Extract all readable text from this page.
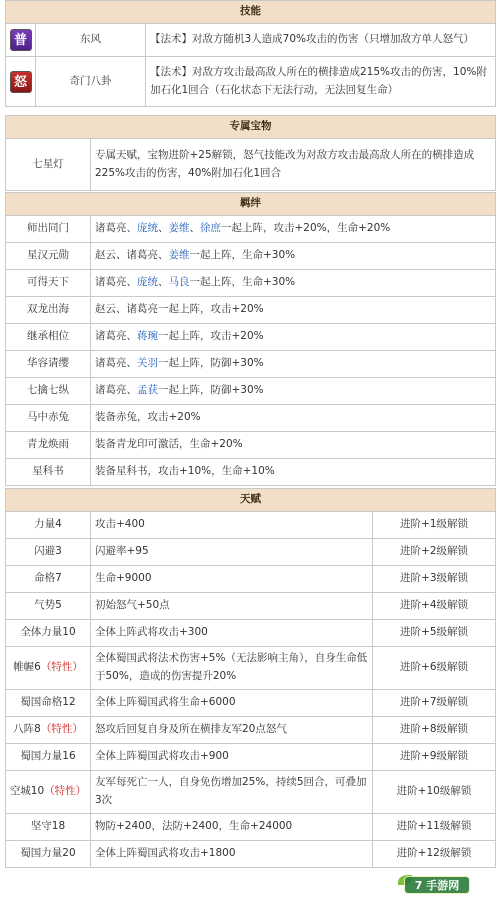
技能		
普	东风	【法术】对敌方随机3人造成70%攻击的伤害（只增加敌方单人怒气）
怒	奇门八卦	【法术】对敌方攻击最高敌人所在的横排造成215%攻击的伤害，10%附加石化1回合（石化状态下无法行动，无法回复生命）
专属宝物
七星灯	专属天赋，宝物进阶+25解锁，怒气技能改为对敌方攻击最高敌人所在的横排造成225%攻击的伤害，40%附加石化1回合
羁绊	
师出同门	诸葛亮、庞统、姜维、徐庶一起上阵，攻击+20%，生命+20%
星汉元勋	赵云、诸葛亮、姜维一起上阵，生命+30%
可得天下	诸葛亮、庞统、马良一起上阵，生命+30%
双龙出海	赵云、诸葛亮一起上阵，攻击+20%
继承相位	诸葛亮、蒋琬一起上阵，攻击+20%
华容请缨	诸葛亮、关羽一起上阵，防御+30%
七擒七纵	诸葛亮、孟获一起上阵，防御+30%
马中赤兔	装备赤兔，攻击+20%
青龙焕雨	装备青龙印可激活，生命+20%
星科书	装备星科书，攻击+10%，生命+10%
天赋		
力量4	攻击+400	进阶+1级解锁
闪避3	闪避率+95	进阶+2级解锁
命格7	生命+9000	进阶+3级解锁
气势5	初始怒气+50点	进阶+4级解锁
全体力量10	全体上阵武将攻击+300	进阶+5级解锁
帷幄6（特性）	全体蜀国武将法术伤害+5%（无法影响主角），自身生命低于50%，造成的伤害提升20%	进阶+6级解锁
蜀国命格12	全体上阵蜀国武将生命+6000	进阶+7级解锁
八阵8（特性）	怒攻后回复自身及所在横排友军20点怒气	进阶+8级解锁
蜀国力量16	全体上阵蜀国武将攻击+900	进阶+9级解锁
空城10（特性）	友军每死亡一人，自身免伤增加25%，持续5回合，可叠加3次	进阶+10级解锁
坚守18	物防+2400，法防+2400，生命+24000	进阶+11级解锁
蜀国力量20	全体上阵蜀国武将攻击+1800	进阶+12级解锁
7 手游网
